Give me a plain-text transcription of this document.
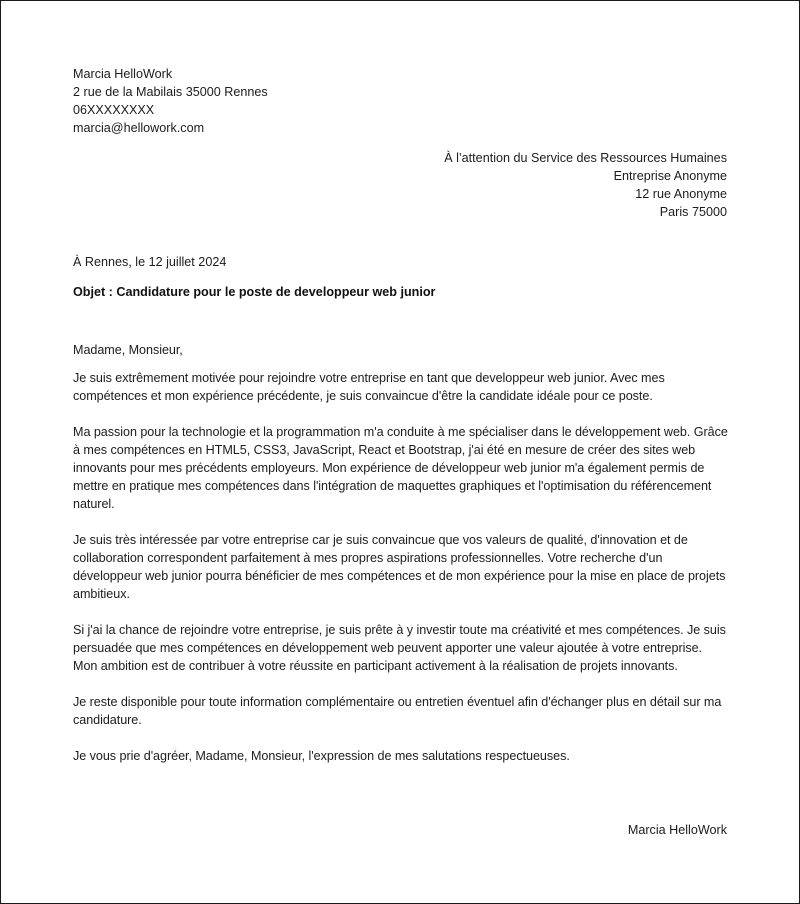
Marcia HelloWork
2 rue de la Mabilais 35000 Rennes
06XXXXXXXX
marcia@hellowork.com
À l’attention du Service des Ressources Humaines
Entreprise Anonyme
12 rue Anonyme
Paris 75000
À Rennes, le 12 juillet 2024
Objet : Candidature pour le poste de developpeur web junior

Madame, Monsieur,

Je suis extrêmement motivée pour rejoindre votre entreprise en tant que developpeur web junior. Avec mes compétences et mon expérience précédente, je suis convaincue d'être la candidate idéale pour ce poste.

Ma passion pour la technologie et la programmation m'a conduite à me spécialiser dans le développement web. Grâce à mes compétences en HTML5, CSS3, JavaScript, React et Bootstrap, j'ai été en mesure de créer des sites web innovants pour mes précédents employeurs. Mon expérience de développeur web junior m'a également permis de mettre en pratique mes compétences dans l'intégration de maquettes graphiques et l'optimisation du référencement naturel.

Je suis très intéressée par votre entreprise car je suis convaincue que vos valeurs de qualité, d'innovation et de collaboration correspondent parfaitement à mes propres aspirations professionnelles. Votre recherche d'un développeur web junior pourra bénéficier de mes compétences et de mon expérience pour la mise en place de projets ambitieux.

Si j'ai la chance de rejoindre votre entreprise, je suis prête à y investir toute ma créativité et mes compétences. Je suis persuadée que mes compétences en développement web peuvent apporter une valeur ajoutée à votre entreprise. Mon ambition est de contribuer à votre réussite en participant activement à la réalisation de projets innovants.

Je reste disponible pour toute information complémentaire ou entretien éventuel afin d'échanger plus en détail sur ma candidature.

Je vous prie d'agréer, Madame, Monsieur, l'expression de mes salutations respectueuses.

Marcia HelloWork
